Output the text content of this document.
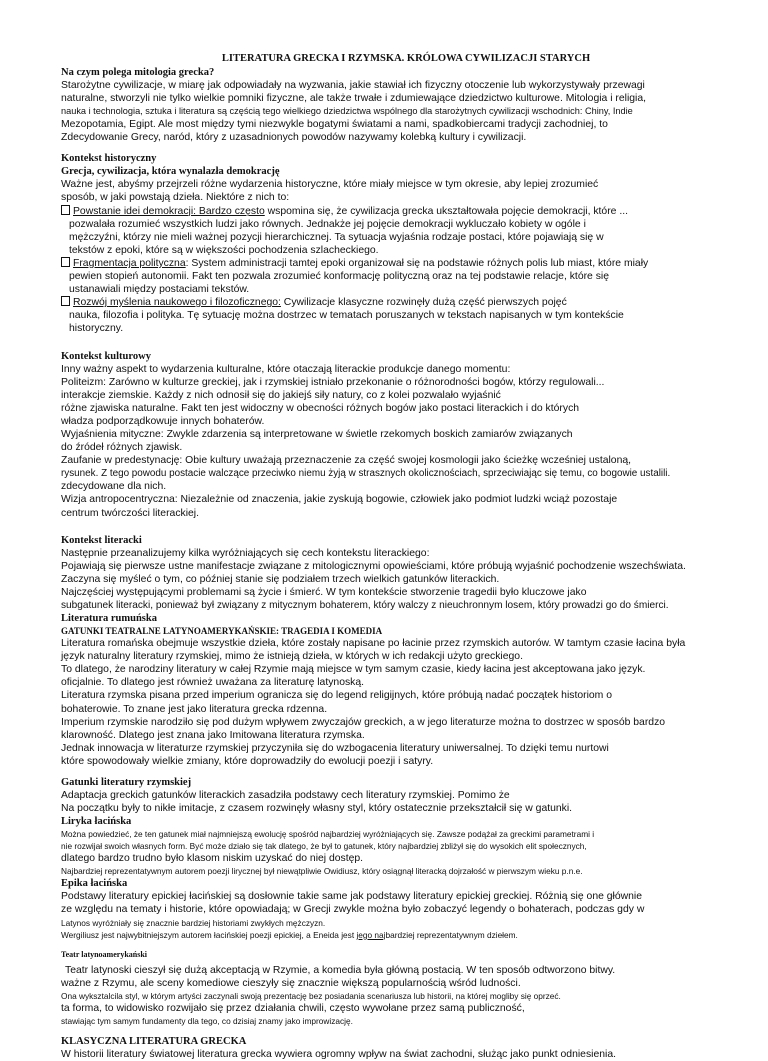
LITERATURA GRECKA I RZYMSKA. KRÓLOWA CYWILIZACJI STARYCH
Na czym polega mitologia grecka?
Starożytne cywilizacje, w miarę jak odpowiadały na wyzwania, jakie stawiał ich fizyczny otoczenie lub wykorzystywały przewagi
naturalne, stworzyli nie tylko wielkie pomniki fizyczne, ale także trwałe i zdumiewające dziedzictwo kulturowe. Mitologia i religia,
nauka i technologia, sztuka i literatura są częścią tego wielkiego dziedzictwa wspólnego dla starożytnych cywilizacji wschodnich: Chiny, Indie
Mezopotamia, Egipt. Ale most między tymi niezwykle bogatymi światami a nami, spadkobiercami tradycji zachodniej, to
Zdecydowanie Grecy, naród, który z uzasadnionych powodów nazywamy kolebką kultury i cywilizacji.
Kontekst historyczny
Grecja, cywilizacja, która wynalazła demokrację
Ważne jest, abyśmy przejrzeli różne wydarzenia historyczne, które miały miejsce w tym okresie, aby lepiej zrozumieć
sposób, w jaki powstają dzieła. Niektóre z nich to:
Powstanie idei demokracji: Bardzo często wspomina się, że cywilizacja grecka ukształtowała pojęcie demokracji, które ...
pozwalała rozumieć wszystkich ludzi jako równych. Jednakże jej pojęcie demokracji wykluczało kobiety w ogóle i
mężczyźni, którzy nie mieli ważnej pozycji hierarchicznej. Ta sytuacja wyjaśnia rodzaje postaci, które pojawiają się w
tekstów z epoki, które są w większości pochodzenia szlacheckiego.
Fragmentacja polityczna: System administracji tamtej epoki organizował się na podstawie różnych polis lub miast, które miały
pewien stopień autonomii. Fakt ten pozwala zrozumieć konformację polityczną oraz na tej podstawie relacje, które się
ustanawiali między postaciami tekstów.
Rozwój myślenia naukowego i filozoficznego: Cywilizacje klasyczne rozwinęły dużą część pierwszych pojęć
nauka, filozofia i polityka. Tę sytuację można dostrzec w tematach poruszanych w tekstach napisanych w tym kontekście
historyczny.
Kontekst kulturowy
Inny ważny aspekt to wydarzenia kulturalne, które otaczają literackie produkcje danego momentu:
Politeizm: Zarówno w kulturze greckiej, jak i rzymskiej istniało przekonanie o różnorodności bogów, którzy regulowali...
interakcje ziemskie. Każdy z nich odnosił się do jakiejś siły natury, co z kolei pozwalało wyjaśnić
różne zjawiska naturalne. Fakt ten jest widoczny w obecności różnych bogów jako postaci literackich i do których
władza podporządkowuje innych bohaterów.
Wyjaśnienia mityczne: Zwykle zdarzenia są interpretowane w świetle rzekomych boskich zamiarów związanych
do źródeł różnych zjawisk.
Zaufanie w predestynację: Obie kultury uważają przeznaczenie za część swojej kosmologii jako ścieżkę wcześniej ustaloną,
rysunek. Z tego powodu postacie walczące przeciwko niemu żyją w strasznych okolicznościach, sprzeciwiając się temu, co bogowie ustalili.
zdecydowane dla nich.
Wizja antropocentryczna: Niezależnie od znaczenia, jakie zyskują bogowie, człowiek jako podmiot ludzki wciąż pozostaje
centrum twórczości literackiej.
Kontekst literacki
Następnie przeanalizujemy kilka wyróżniających się cech kontekstu literackiego:
Pojawiają się pierwsze ustne manifestacje związane z mitologicznymi opowieściami, które próbują wyjaśnić pochodzenie wszechświata.
Zaczyna się myśleć o tym, co później stanie się podziałem trzech wielkich gatunków literackich.
Najczęściej występującymi problemami są życie i śmierć. W tym kontekście stworzenie tragedii było kluczowe jako
subgatunek literacki, ponieważ był związany z mitycznym bohaterem, który walczy z nieuchronnym losem, który prowadzi go do śmierci.
Literatura rumuńska
GATUNKI TEATRALNE LATYNOAMERYKAŃSKIE: TRAGEDIA I KOMEDIA
Literatura romańska obejmuje wszystkie dzieła, które zostały napisane po łacinie przez rzymskich autorów. W tamtym czasie łacina była
język naturalny literatury rzymskiej, mimo że istnieją dzieła, w których w ich redakcji użyto greckiego.
To dlatego, że narodziny literatury w całej Rzymie mają miejsce w tym samym czasie, kiedy łacina jest akceptowana jako język.
oficjalnie. To dlatego jest również uważana za literaturę latynoską.
Literatura rzymska pisana przed imperium ogranicza się do legend religijnych, które próbują nadać początek historiom o
bohaterowie. To znane jest jako literatura grecka rdzenna.
Imperium rzymskie narodziło się pod dużym wpływem zwyczajów greckich, a w jego literaturze można to dostrzec w sposób bardzo
klarowność. Dlatego jest znana jako Imitowana literatura rzymska.
Jednak innowacja w literaturze rzymskiej przyczyniła się do wzbogacenia literatury uniwersalnej. To dzięki temu nurtowi
które spowodowały wielkie zmiany, które doprowadziły do ewolucji poezji i satyry.
Gatunki literatury rzymskiej
Adaptacja greckich gatunków literackich zasadziła podstawy cech literatury rzymskiej. Pomimo że
Na początku były to nikłe imitacje, z czasem rozwinęły własny styl, który ostatecznie przekształcił się w gatunki.
Liryka łacińska
Można powiedzieć, że ten gatunek miał najmniejszą ewolucję spośród najbardziej wyróżniających się. Zawsze podążał za greckimi parametrami i
nie rozwijał swoich własnych form. Być może działo się tak dlatego, że był to gatunek, który najbardziej zbliżył się do wysokich elit społecznych,
dlatego bardzo trudno było klasom niskim uzyskać do niej dostęp.
Najbardziej reprezentatywnym autorem poezji lirycznej był niewątpliwie Owidiusz, który osiągnął literacką dojrzałość w pierwszym wieku p.n.e.
Epika łacińska
Podstawy literatury epickiej łacińskiej są dosłownie takie same jak podstawy literatury epickiej greckiej. Różnią się one głównie
ze względu na tematy i historie, które opowiadają; w Grecji zwykle można było zobaczyć legendy o bohaterach, podczas gdy w
Latynos wyróżniały się znacznie bardziej historiami zwykłych mężczyzn.
Wergiliusz jest najwybitniejszym autorem łacińskiej poezji epickiej, a Eneida jest jego najbardziej reprezentatywnym dziełem.
Teatr latynoamerykański
Teatr latynoski cieszył się dużą akceptacją w Rzymie, a komedia była główną postacią. W ten sposób odtworzono bitwy.
ważne z Rzymu, ale sceny komediowe cieszyły się znacznie większą popularnością wśród ludności.
Ona wyksztalcila styl, w którym artyści zaczynali swoją prezentację bez posiadania scenariusza lub historii, na której mogliby się oprzeć.
ta forma, to widowisko rozwijało się przez działania chwili, często wywołane przez samą publiczność,
stawiając tym samym fundamenty dla tego, co dzisiaj znamy jako improwizację.
KLASYCZNA LITERATURA GRECKA
W historii literatury światowej literatura grecka wywiera ogromny wpływ na świat zachodni, służąc jako punkt odniesienia.
